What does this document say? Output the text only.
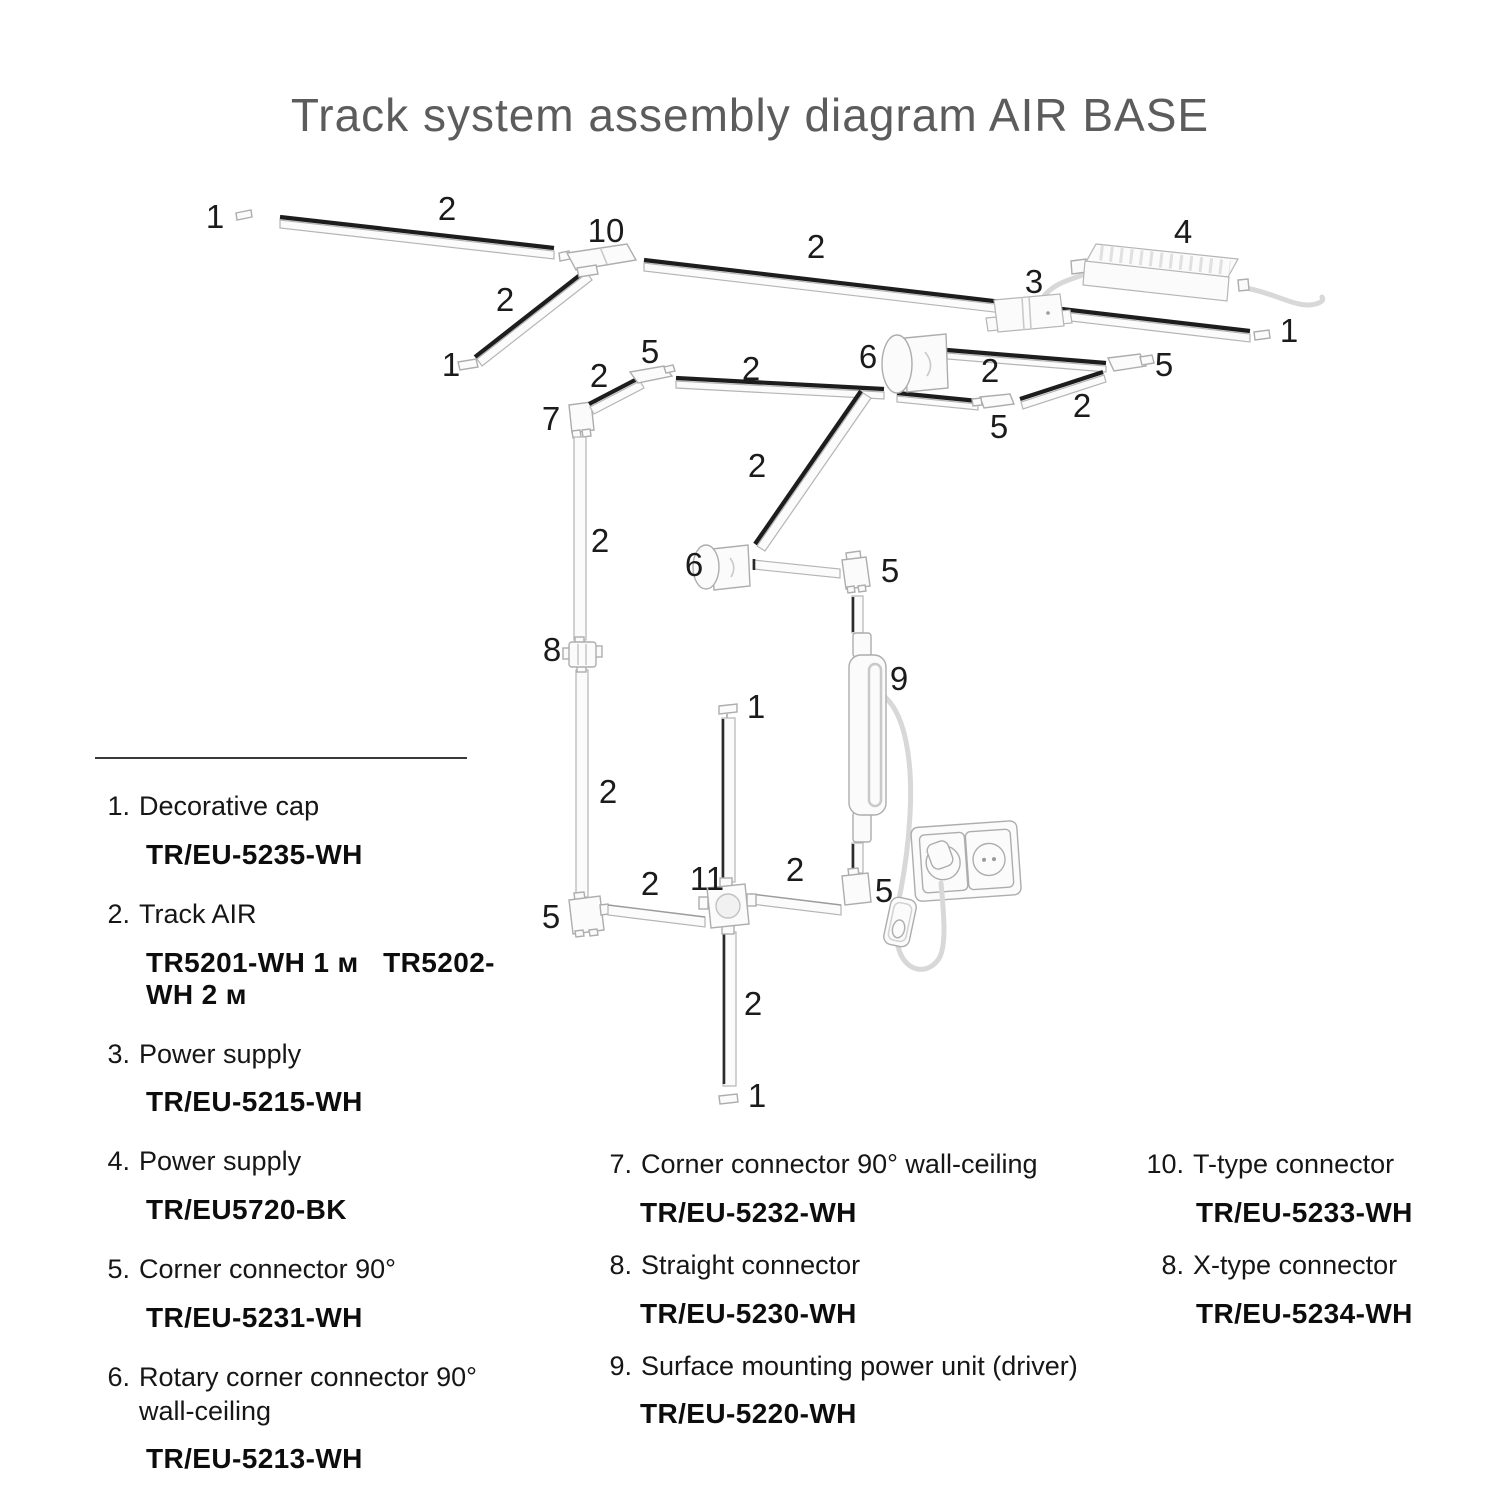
Track system assembly diagram AIR BASE
1	2
10	2
3
4
1
2
1	5
2
7
2	6	2	5
2
5
2
2
6	5
8
9
1
2
2 11 2
5
5
2
1
1. Decorative cap
TR/EU-5235-WH
2. Track AIR
TR5201-WH 1 м   TR5202-WH 2 м
3. Power supply
TR/EU-5215-WH
4. Power supply
TR/EU5720-BK
5. Corner connector 90°
TR/EU-5231-WH
6. Rotary corner connector 90° wall-ceiling
TR/EU-5213-WH
7. Corner connector 90° wall-ceiling
TR/EU-5232-WH
8. Straight connector
TR/EU-5230-WH
9. Surface mounting power unit (driver)
TR/EU-5220-WH
10. T-type connector
TR/EU-5233-WH
8. X-type connector
TR/EU-5234-WH
